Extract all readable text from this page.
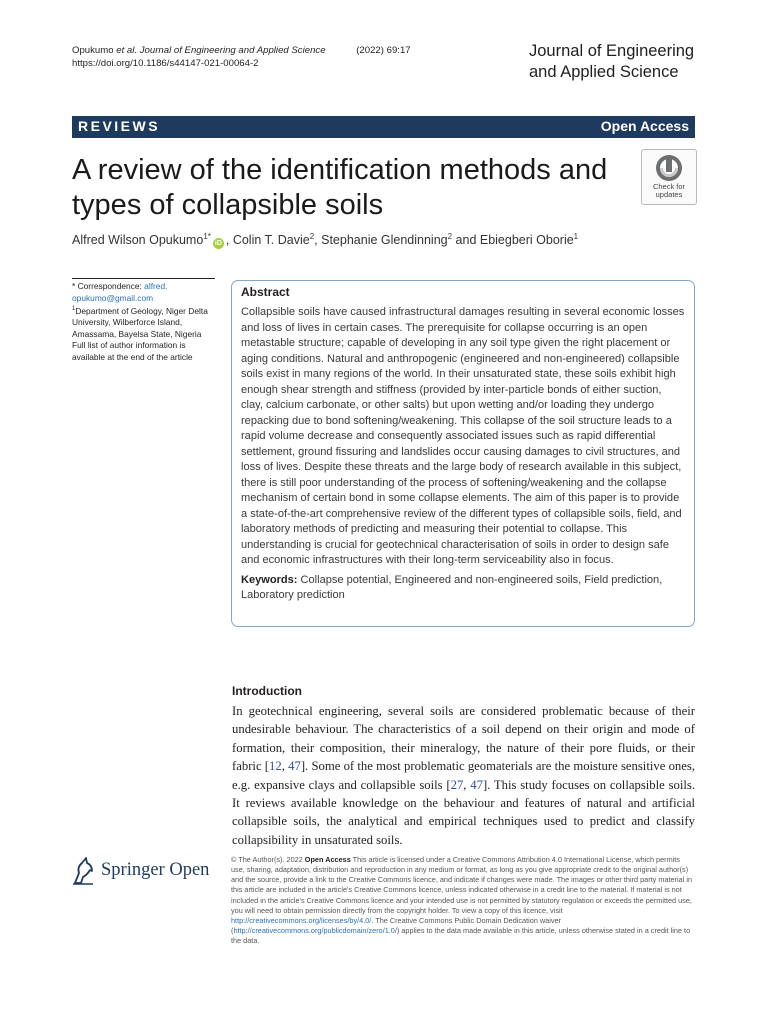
Opukumo et al. Journal of Engineering and Applied Science	(2022) 69:17
https://doi.org/10.1186/s44147-021-00064-2
Journal of Engineering
and Applied Science
REVIEWS	Open Access
A review of the identification methods and types of collapsible soils
Check for
updates
Alfred Wilson Opukumo$^{1*}$iD , Colin T. Davie$^2$, Stephanie Glendinning$^2$ and Ebiegberi Oborie$^1$
* Correspondence: alfred.
opukumo@gmail.com
$^1$Department of Geology, Niger Delta University, Wilberforce Island, Amassama, Bayelsa State, Nigeria
Full list of author information is available at the end of the article
Abstract
Collapsible soils have caused infrastructural damages resulting in several economic losses and loss of lives in certain cases. The prerequisite for collapse occurring is an open metastable structure; capable of developing in any soil type given the right placement or aging conditions. Natural and anthropogenic (engineered and non-engineered) collapsible soils exist in many regions of the world. In their unsaturated state, these soils exhibit high enough shear strength and stiffness (provided by inter-particle bonds of either suction, clay, calcium carbonate, or other salts) but upon wetting and/or loading they undergo repacking due to bond softening/weakening. This collapse of the soil structure leads to a rapid volume decrease and consequently associated issues such as rapid differential settlement, ground fissuring and landslides occur causing damages to civil structures, and loss of lives. Despite these threats and the large body of research available in this subject, there is still poor understanding of the process of softening/weakening and the collapse mechanism of certain bond in some collapse elements. The aim of this paper is to provide a state-of-the-art comprehensive review of the different types of collapsible soils, field, and laboratory methods of predicting and measuring their potential to collapse. This understanding is crucial for geotechnical characterisation of soils in order to design safe and economic infrastructures with their long-term serviceability also in focus.
Keywords: Collapse potential, Engineered and non-engineered soils, Field prediction, Laboratory prediction
Introduction
In geotechnical engineering, several soils are considered problematic because of their undesirable behaviour. The characteristics of a soil depend on their origin and mode of formation, their composition, their mineralogy, the nature of their pore fluids, or their fabric [12, 47]. Some of the most problematic geomaterials are the moisture sensitive ones, e.g. expansive clays and collapsible soils [27, 47]. This study focuses on collapsible soils. It reviews available knowledge on the behaviour and features of natural and artificial collapsible soils, the analytical and empirical techniques used to predict and classify collapsibility in unsaturated soils.
Springer Open
© The Author(s). 2022 Open Access This article is licensed under a Creative Commons Attribution 4.0 International License, which permits use, sharing, adaptation, distribution and reproduction in any medium or format, as long as you give appropriate credit to the original author(s) and the source, provide a link to the Creative Commons licence, and indicate if changes were made. The images or other third party material in this article are included in the article's Creative Commons licence, unless indicated otherwise in a credit line to the material. If material is not included in the article's Creative Commons licence and your intended use is not permitted by statutory regulation or exceeds the permitted use, you will need to obtain permission directly from the copyright holder. To view a copy of this licence, visit http://creativecommons.org/licenses/by/4.0/. The Creative Commons Public Domain Dedication waiver (http://creativecommons.org/publicdomain/zero/1.0/) applies to the data made available in this article, unless otherwise stated in a credit line to the data.
